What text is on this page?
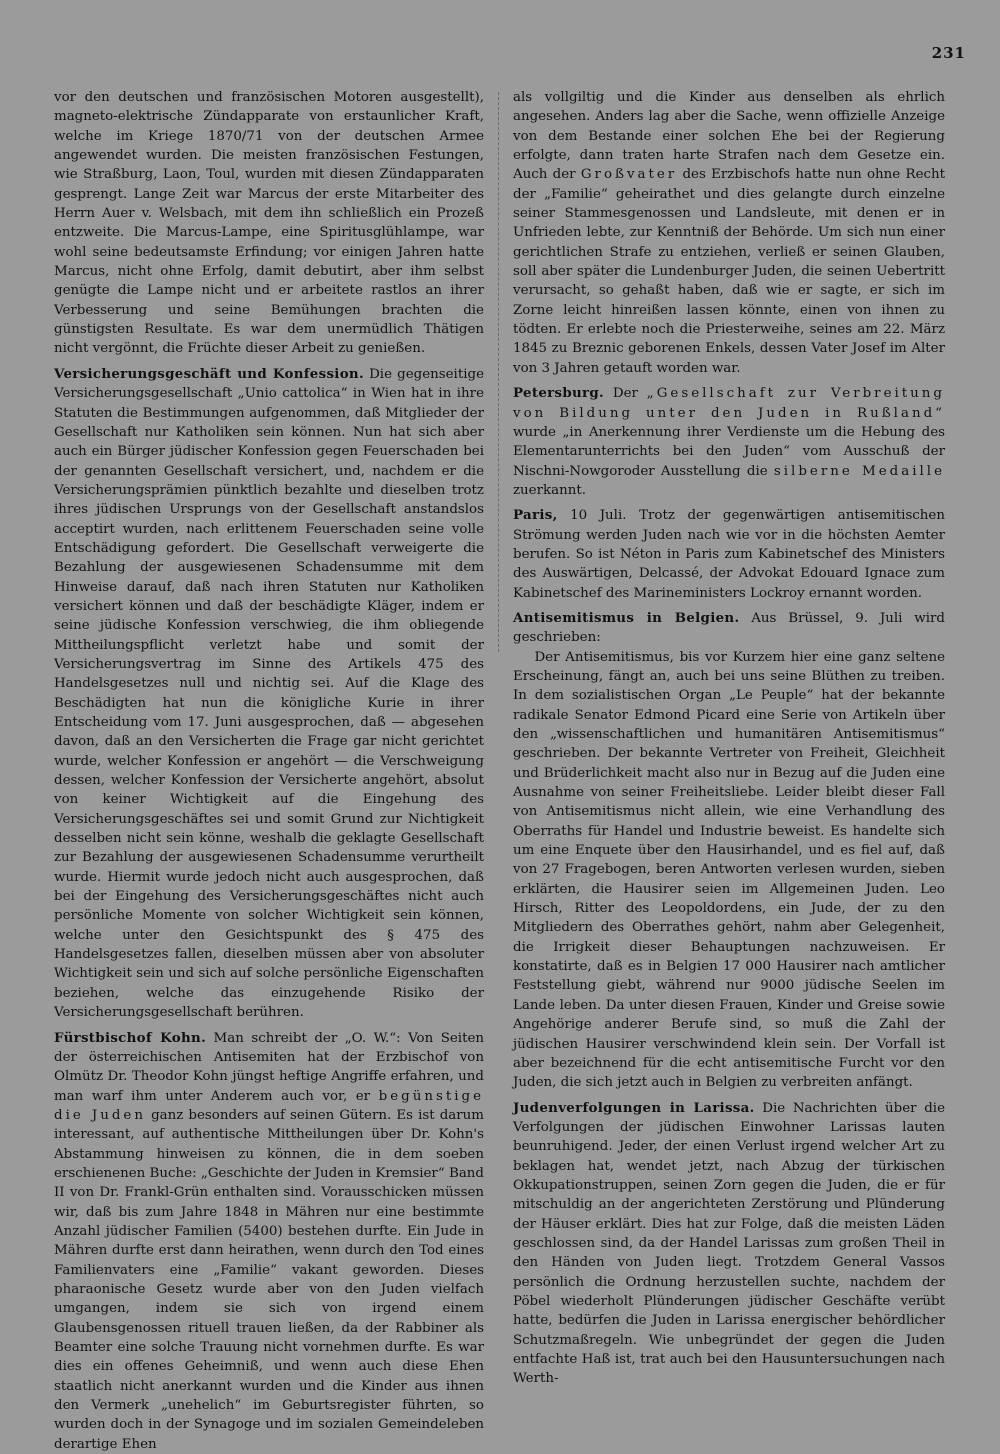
231

vor den deutschen und französischen Motoren ausgestellt), magneto-elektrische Zündapparate von erstaunlicher Kraft, welche im Kriege 1870/71 von der deutschen Armee angewendet wurden. Die meisten französischen Festungen, wie Straßburg, Laon, Toul, wurden mit diesen Zündapparaten gesprengt. Lange Zeit war Marcus der erste Mitarbeiter des Herrn Auer v. Welsbach, mit dem ihn schließlich ein Prozeß entzweite. Die Marcus-Lampe, eine Spiritusglühlampe, war wohl seine bedeutsamste Erfindung; vor einigen Jahren hatte Marcus, nicht ohne Erfolg, damit debutirt, aber ihm selbst genügte die Lampe nicht und er arbeitete rastlos an ihrer Verbesserung und seine Bemühungen brachten die günstigsten Resultate. Es war dem unermüdlich Thätigen nicht vergönnt, die Früchte dieser Arbeit zu genießen.

Versicherungsgeschäft und Konfession. Die gegenseitige Versicherungsgesellschaft „Unio cattolica“ in Wien hat in ihre Statuten die Bestimmungen aufgenommen, daß Mitglieder der Gesellschaft nur Katholiken sein können. Nun hat sich aber auch ein Bürger jüdischer Konfession gegen Feuerschaden bei der genannten Gesellschaft versichert, und, nachdem er die Versicherungsprämien pünktlich bezahlte und dieselben trotz ihres jüdischen Ursprungs von der Gesellschaft anstandslos acceptirt wurden, nach erlittenem Feuerschaden seine volle Entschädigung gefordert. Die Gesellschaft verweigerte die Bezahlung der ausgewiesenen Schadensumme mit dem Hinweise darauf, daß nach ihren Statuten nur Katholiken versichert können und daß der beschädigte Kläger, indem er seine jüdische Konfession verschwieg, die ihm obliegende Mittheilungspflicht verletzt habe und somit der Versicherungsvertrag im Sinne des Artikels 475 des Handelsgesetzes null und nichtig sei. Auf die Klage des Beschädigten hat nun die königliche Kurie in ihrer Entscheidung vom 17. Juni ausgesprochen, daß — abgesehen davon, daß an den Versicherten die Frage gar nicht gerichtet wurde, welcher Konfession er angehört — die Verschweigung dessen, welcher Konfession der Versicherte angehört, absolut von keiner Wichtigkeit auf die Eingehung des Versicherungsgeschäftes sei und somit Grund zur Nichtigkeit desselben nicht sein könne, weshalb die geklagte Gesellschaft zur Bezahlung der ausgewiesenen Schadensumme verurtheilt wurde. Hiermit wurde jedoch nicht auch ausgesprochen, daß bei der Eingehung des Versicherungsgeschäftes nicht auch persönliche Momente von solcher Wichtigkeit sein können, welche unter den Gesichtspunkt des § 475 des Handelsgesetzes fallen, dieselben müssen aber von absoluter Wichtigkeit sein und sich auf solche persönliche Eigenschaften beziehen, welche das einzugehende Risiko der Versicherungsgesellschaft berühren.

Fürstbischof Kohn. Man schreibt der „O. W.“: Von Seiten der österreichischen Antisemiten hat der Erzbischof von Olmütz Dr. Theodor Kohn jüngst heftige Angriffe erfahren, und man warf ihm unter Anderem auch vor, er begünstige die Juden ganz besonders auf seinen Gütern. Es ist darum interessant, auf authentische Mittheilungen über Dr. Kohn's Abstammung hinweisen zu können, die in dem soeben erschienenen Buche: „Geschichte der Juden in Kremsier“ Band II von Dr. Frankl-Grün enthalten sind. Vorausschicken müssen wir, daß bis zum Jahre 1848 in Mähren nur eine bestimmte Anzahl jüdischer Familien (5400) bestehen durfte. Ein Jude in Mähren durfte erst dann heirathen, wenn durch den Tod eines Familienvaters eine „Familie“ vakant geworden. Dieses pharaonische Gesetz wurde aber von den Juden vielfach umgangen, indem sie sich von irgend einem Glaubensgenossen rituell trauen ließen, da der Rabbiner als Beamter eine solche Trauung nicht vornehmen durfte. Es war dies ein offenes Geheimniß, und wenn auch diese Ehen staatlich nicht anerkannt wurden und die Kinder aus ihnen den Vermerk „unehelich“ im Geburtsregister führten, so wurden doch in der Synagoge und im sozialen Gemeindeleben derartige Ehen

als vollgiltig und die Kinder aus denselben als ehrlich angesehen. Anders lag aber die Sache, wenn offizielle Anzeige von dem Bestande einer solchen Ehe bei der Regierung erfolgte, dann traten harte Strafen nach dem Gesetze ein. Auch der Großvater des Erzbischofs hatte nun ohne Recht der „Familie“ geheirathet und dies gelangte durch einzelne seiner Stammesgenossen und Landsleute, mit denen er in Unfrieden lebte, zur Kenntniß der Behörde. Um sich nun einer gerichtlichen Strafe zu entziehen, verließ er seinen Glauben, soll aber später die Lundenburger Juden, die seinen Uebertritt verursacht, so gehaßt haben, daß wie er sagte, er sich im Zorne leicht hinreißen lassen könnte, einen von ihnen zu tödten. Er erlebte noch die Priesterweihe, seines am 22. März 1845 zu Breznic geborenen Enkels, dessen Vater Josef im Alter von 3 Jahren getauft worden war.

Petersburg. Der „Gesellschaft zur Verbreitung von Bildung unter den Juden in Rußland“ wurde „in Anerkennung ihrer Verdienste um die Hebung des Elementarunterrichts bei den Juden“ vom Ausschuß der Nischni-Nowgoroder Ausstellung die silberne Medaille zuerkannt.

Paris, 10 Juli. Trotz der gegenwärtigen antisemitischen Strömung werden Juden nach wie vor in die höchsten Aemter berufen. So ist Néton in Paris zum Kabinetschef des Ministers des Auswärtigen, Delcassé, der Advokat Edouard Ignace zum Kabinetschef des Marineministers Lockroy ernannt worden.

Antisemitismus in Belgien. Aus Brüssel, 9. Juli wird geschrieben:

Der Antisemitismus, bis vor Kurzem hier eine ganz seltene Erscheinung, fängt an, auch bei uns seine Blüthen zu treiben. In dem sozialistischen Organ „Le Peuple“ hat der bekannte radikale Senator Edmond Picard eine Serie von Artikeln über den „wissenschaftlichen und humanitären Antisemitismus“ geschrieben. Der bekannte Vertreter von Freiheit, Gleichheit und Brüderlichkeit macht also nur in Bezug auf die Juden eine Ausnahme von seiner Freiheitsliebe. Leider bleibt dieser Fall von Antisemitismus nicht allein, wie eine Verhandlung des Oberraths für Handel und Industrie beweist. Es handelte sich um eine Enquete über den Hausirhandel, und es fiel auf, daß von 27 Fragebogen, beren Antworten verlesen wurden, sieben erklärten, die Hausirer seien im Allgemeinen Juden. Leo Hirsch, Ritter des Leopoldordens, ein Jude, der zu den Mitgliedern des Oberrathes gehört, nahm aber Gelegenheit, die Irrigkeit dieser Behauptungen nachzuweisen. Er konstatirte, daß es in Belgien 17 000 Hausirer nach amtlicher Feststellung giebt, während nur 9000 jüdische Seelen im Lande leben. Da unter diesen Frauen, Kinder und Greise sowie Angehörige anderer Berufe sind, so muß die Zahl der jüdischen Hausirer verschwindend klein sein. Der Vorfall ist aber bezeichnend für die echt antisemitische Furcht vor den Juden, die sich jetzt auch in Belgien zu verbreiten anfängt.

Judenverfolgungen in Larissa. Die Nachrichten über die Verfolgungen der jüdischen Einwohner Larissas lauten beunruhigend. Jeder, der einen Verlust irgend welcher Art zu beklagen hat, wendet jetzt, nach Abzug der türkischen Okkupationstruppen, seinen Zorn gegen die Juden, die er für mitschuldig an der angerichteten Zerstörung und Plünderung der Häuser erklärt. Dies hat zur Folge, daß die meisten Läden geschlossen sind, da der Handel Larissas zum großen Theil in den Händen von Juden liegt. Trotzdem General Vassos persönlich die Ordnung herzustellen suchte, nachdem der Pöbel wiederholt Plünderungen jüdischer Geschäfte verübt hatte, bedürfen die Juden in Larissa energischer behördlicher Schutzmaßregeln. Wie unbegründet der gegen die Juden entfachte Haß ist, trat auch bei den Hausuntersuchungen nach Werth-
